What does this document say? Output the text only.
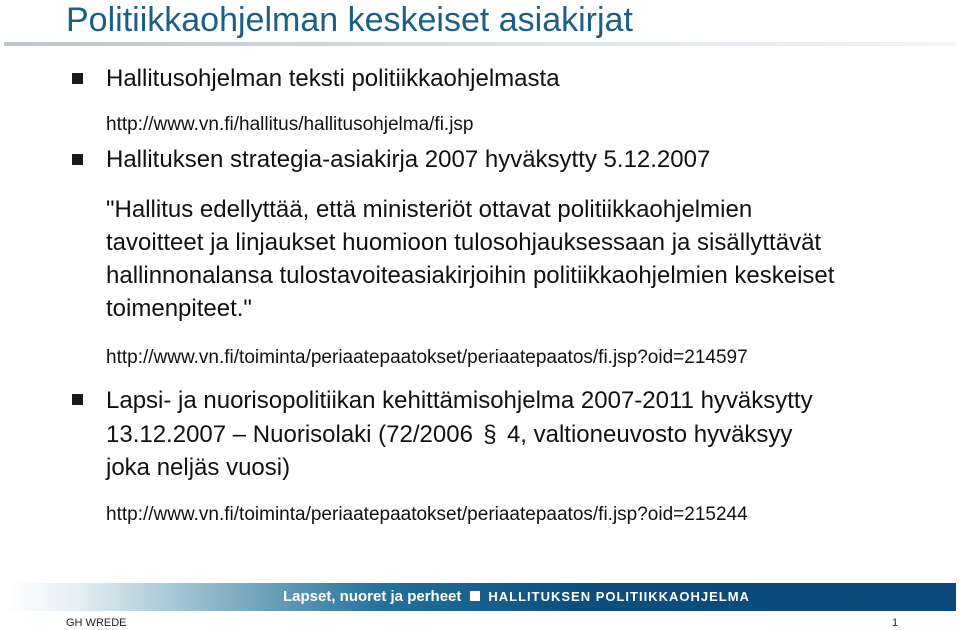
Politiikkaohjelman keskeiset asiakirjat
Hallitusohjelman teksti politiikkaohjelmasta
http://www.vn.fi/hallitus/hallitusohjelma/fi.jsp
Hallituksen strategia-asiakirja 2007 hyväksytty 5.12.2007
"Hallitus edellyttää, että ministeriöt ottavat politiikkaohjelmien
tavoitteet ja linjaukset huomioon tulosohjauksessaan ja sisällyttävät
hallinnonalansa tulostavoiteasiakirjoihin politiikkaohjelmien keskeiset
toimenpiteet."
http://www.vn.fi/toiminta/periaatepaatokset/periaatepaatos/fi.jsp?oid=214597
Lapsi- ja nuorisopolitiikan kehittämisohjelma 2007-2011 hyväksytty
13.12.2007 – Nuorisolaki (72/2006 § 4, valtioneuvosto hyväksyy
joka neljäs vuosi)
http://www.vn.fi/toiminta/periaatepaatokset/periaatepaatos/fi.jsp?oid=215244
Lapset, nuoret ja perheet HALLITUKSEN POLITIIKKAOHJELMA
GH WREDE	1
